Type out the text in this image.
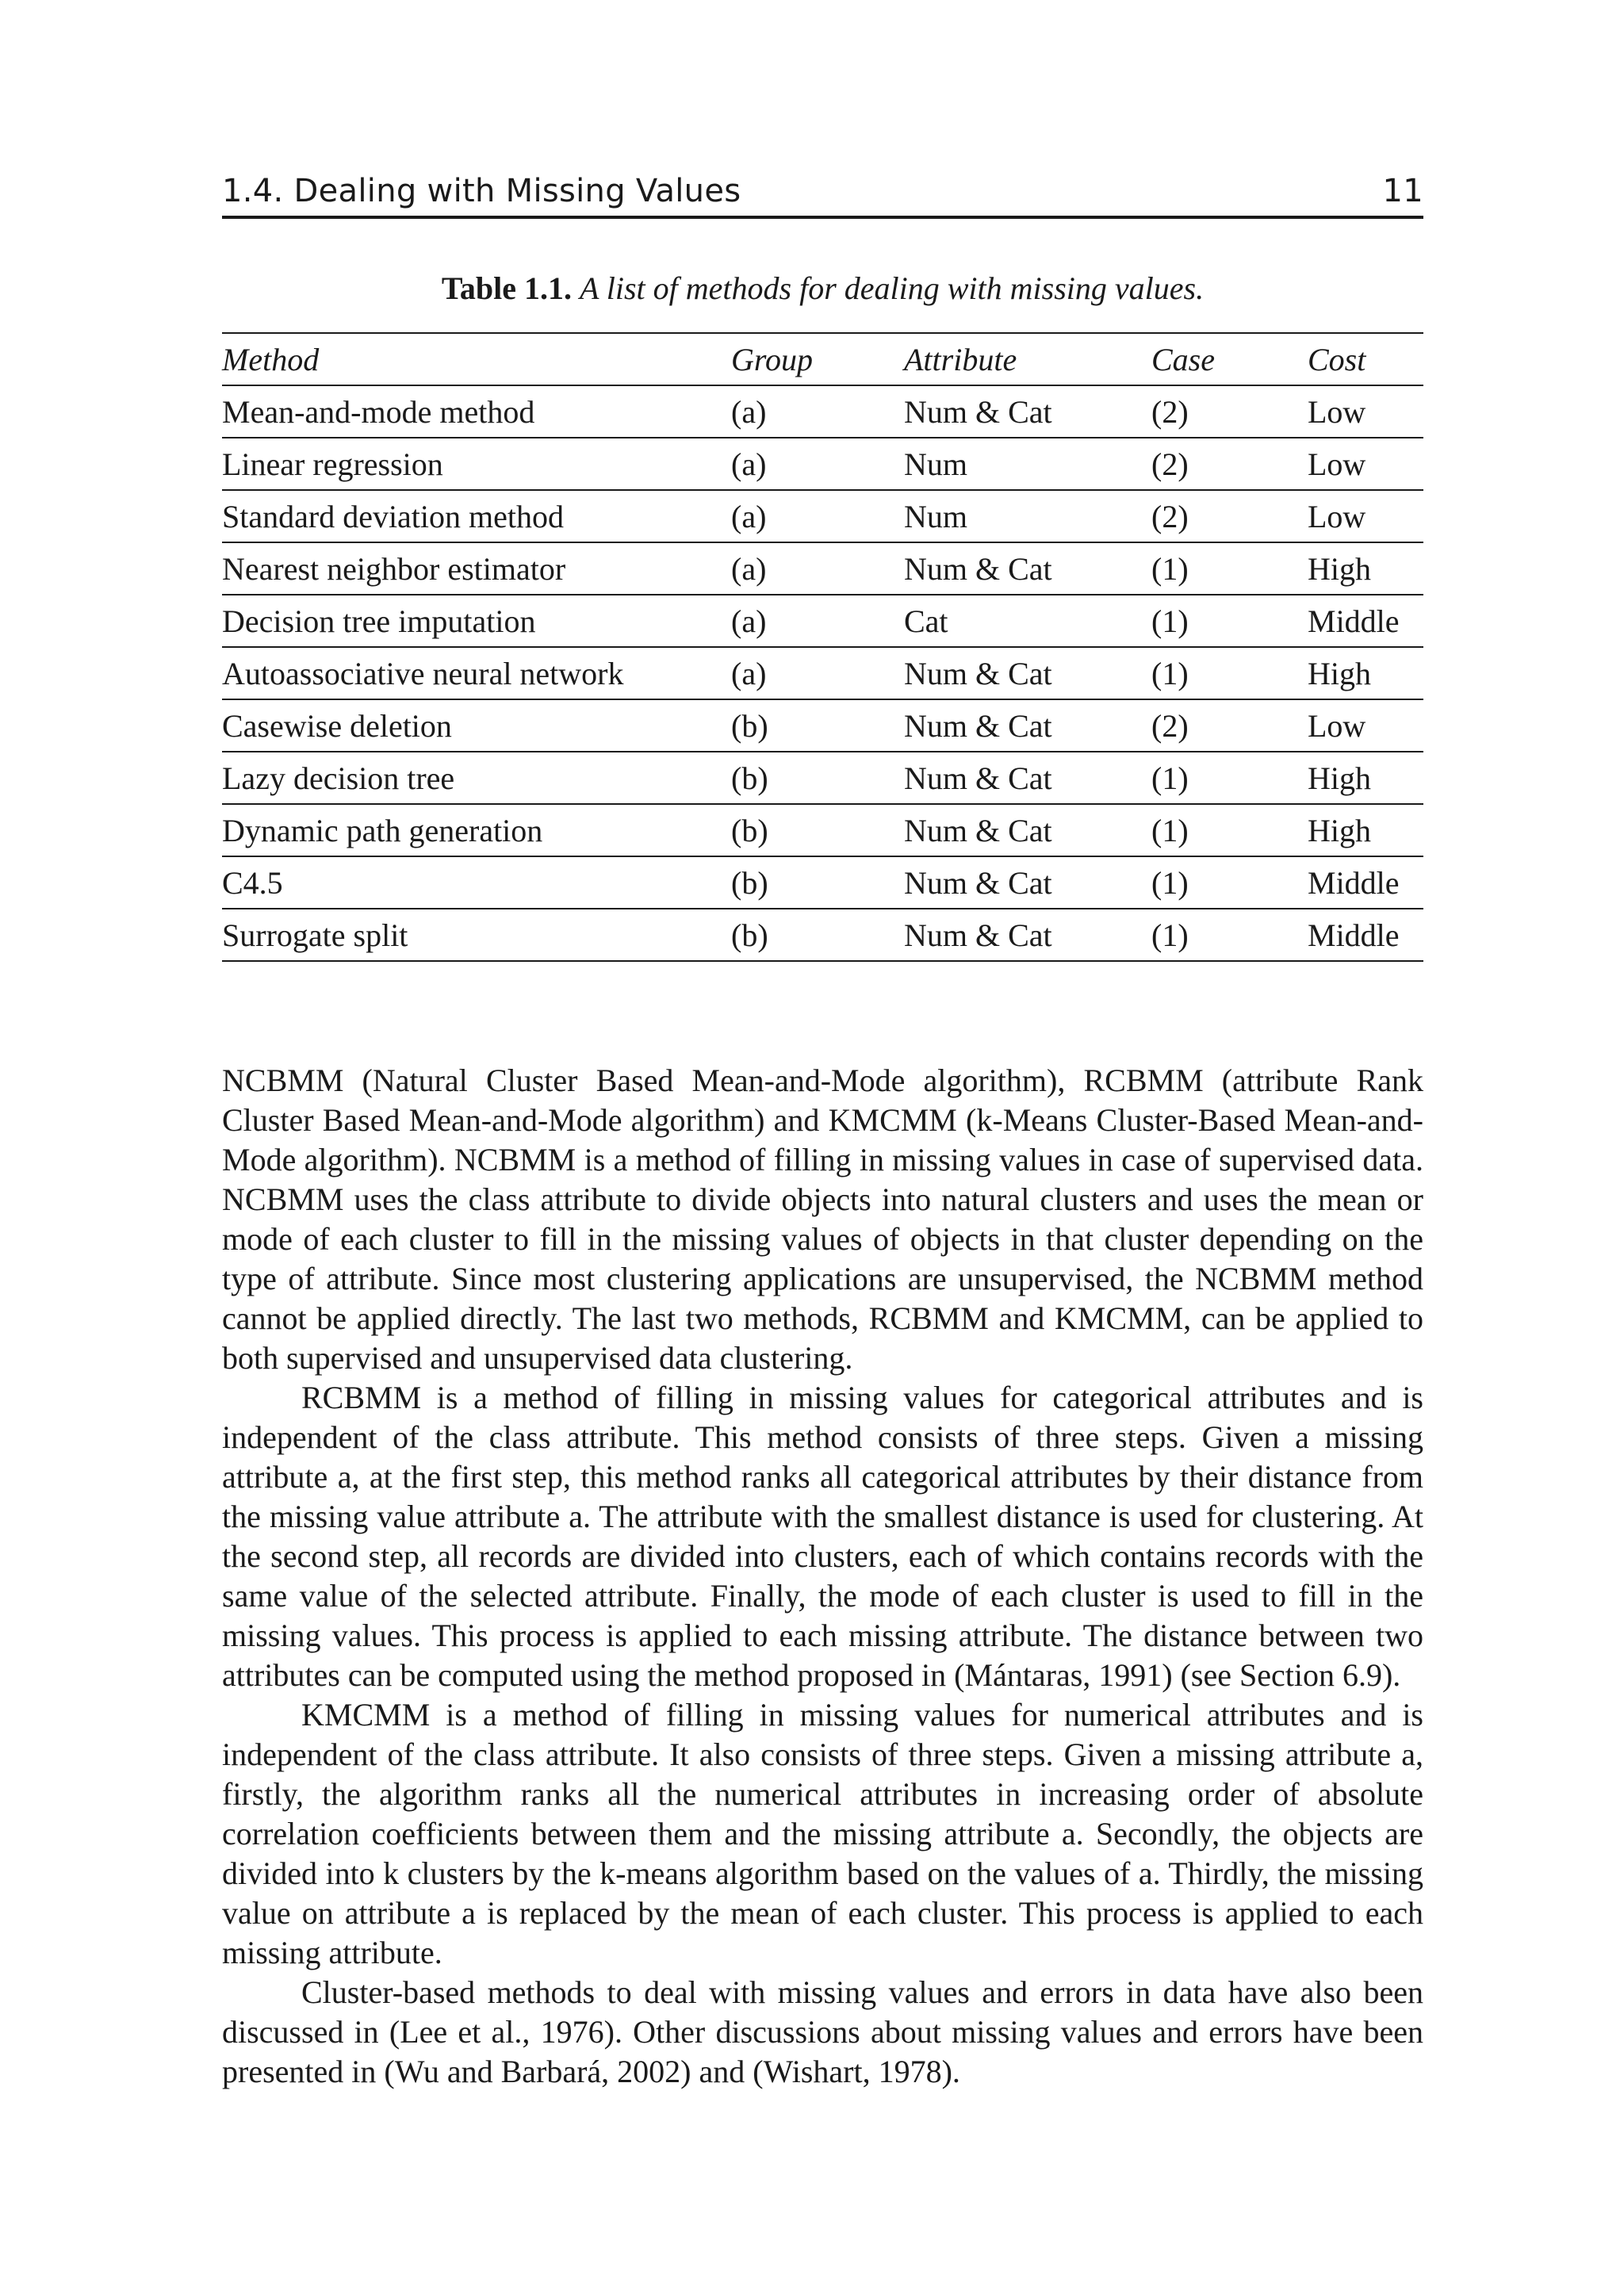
1.4. Dealing with Missing Values	11
Table 1.1. A list of methods for dealing with missing values.
Method	Group	Attribute	Case	Cost
Mean-and-mode method	(a)	Num & Cat	(2)	Low
Linear regression	(a)	Num	(2)	Low
Standard deviation method	(a)	Num	(2)	Low
Nearest neighbor estimator	(a)	Num & Cat	(1)	High
Decision tree imputation	(a)	Cat	(1)	Middle
Autoassociative neural network	(a)	Num & Cat	(1)	High
Casewise deletion	(b)	Num & Cat	(2)	Low
Lazy decision tree	(b)	Num & Cat	(1)	High
Dynamic path generation	(b)	Num & Cat	(1)	High
C4.5	(b)	Num & Cat	(1)	Middle
Surrogate split	(b)	Num & Cat	(1)	Middle

NCBMM (Natural Cluster Based Mean-and-Mode algorithm), RCBMM (attribute Rank Cluster Based Mean-and-Mode algorithm) and KMCMM (k-Means Cluster-Based Mean-and-Mode algorithm). NCBMM is a method of filling in missing values in case of supervised data. NCBMM uses the class attribute to divide objects into natural clusters and uses the mean or mode of each cluster to fill in the missing values of objects in that cluster depending on the type of attribute. Since most clustering applications are unsupervised, the NCBMM method cannot be applied directly. The last two methods, RCBMM and KMCMM, can be applied to both supervised and unsupervised data clustering.

RCBMM is a method of filling in missing values for categorical attributes and is independent of the class attribute. This method consists of three steps. Given a missing attribute a, at the first step, this method ranks all categorical attributes by their distance from the missing value attribute a. The attribute with the smallest distance is used for clustering. At the second step, all records are divided into clusters, each of which contains records with the same value of the selected attribute. Finally, the mode of each cluster is used to fill in the missing values. This process is applied to each missing attribute. The distance between two attributes can be computed using the method proposed in (Mántaras, 1991) (see Section 6.9).

KMCMM is a method of filling in missing values for numerical attributes and is independent of the class attribute. It also consists of three steps. Given a missing attribute a, firstly, the algorithm ranks all the numerical attributes in increasing order of absolute correlation coefficients between them and the missing attribute a. Secondly, the objects are divided into k clusters by the k-means algorithm based on the values of a. Thirdly, the missing value on attribute a is replaced by the mean of each cluster. This process is applied to each missing attribute.

Cluster-based methods to deal with missing values and errors in data have also been discussed in (Lee et al., 1976). Other discussions about missing values and errors have been presented in (Wu and Barbará, 2002) and (Wishart, 1978).
